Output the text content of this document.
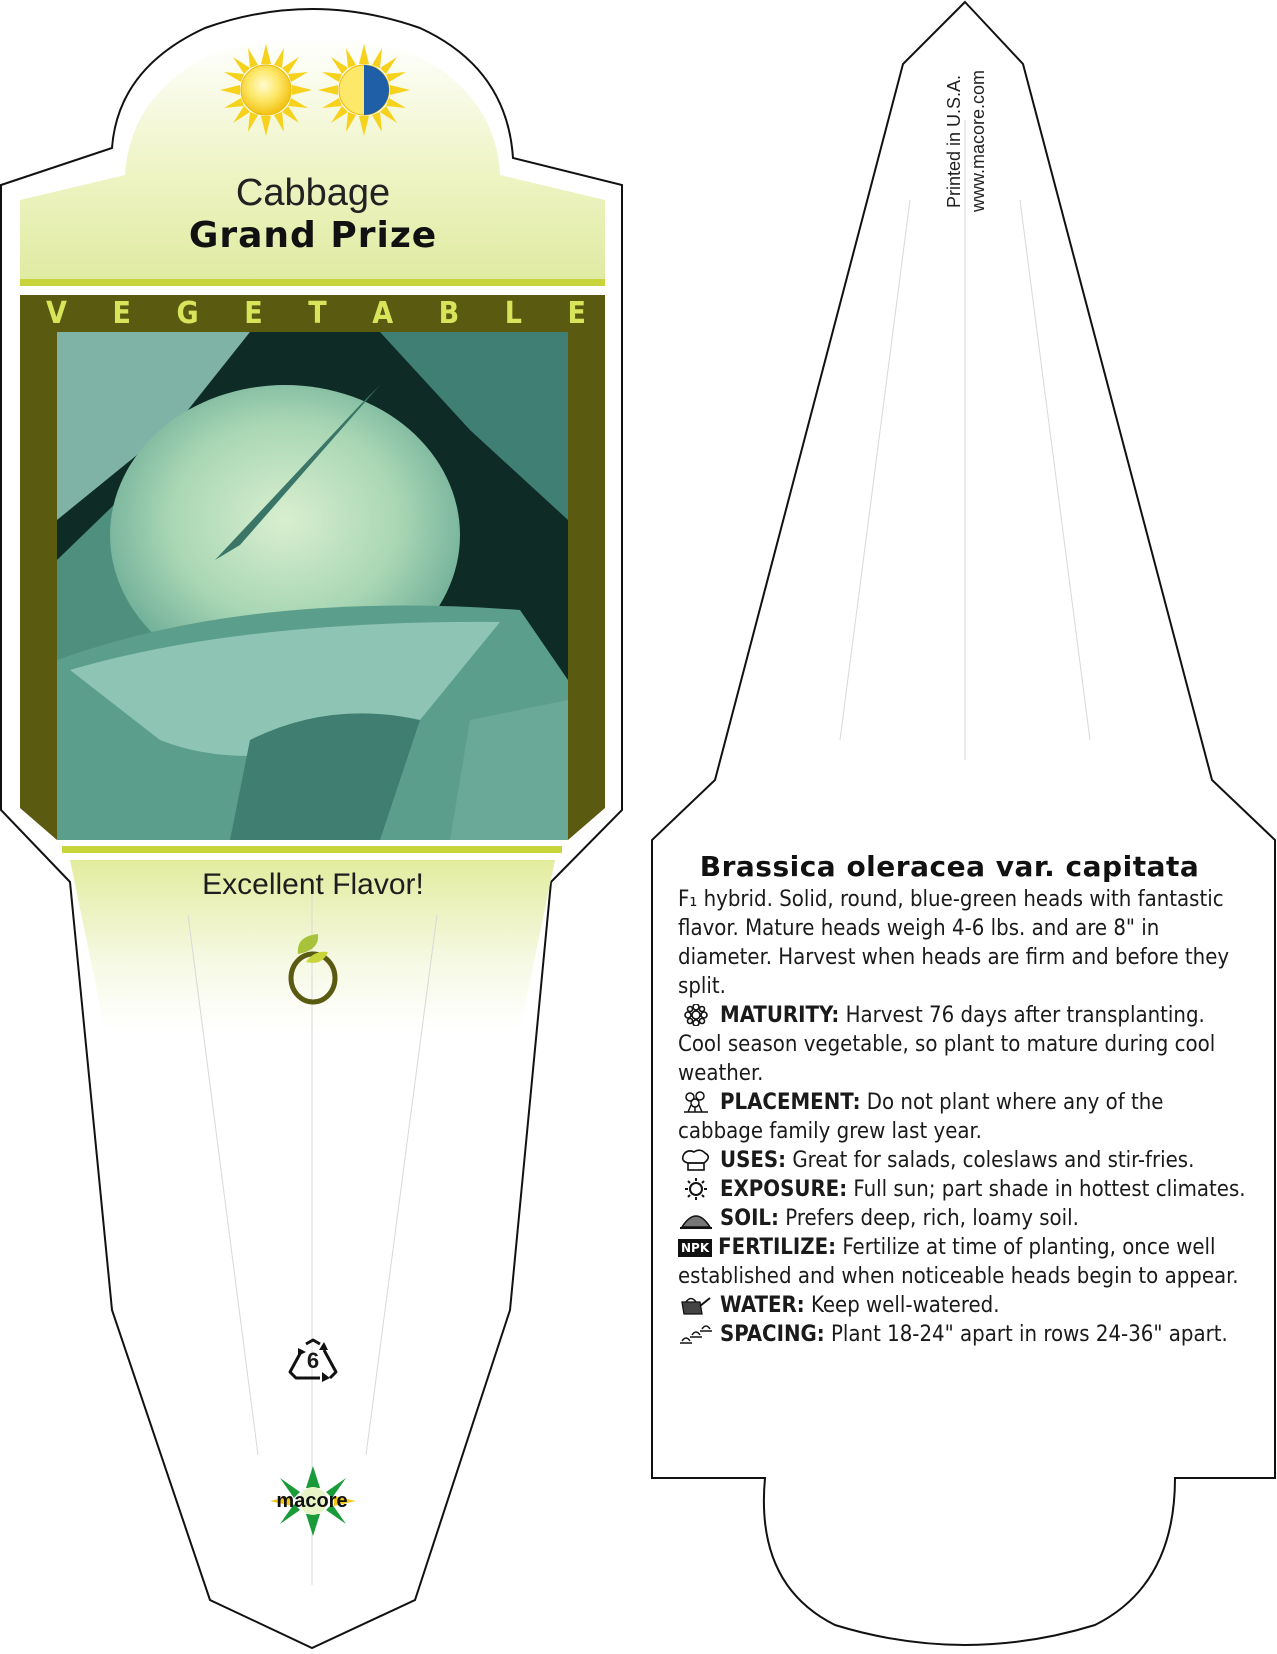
Cabbage
Grand Prize
V E G E T A B L E
Excellent Flavor!
6
macore
Printed in U.S.A. www.macore.com
Brassica oleracea var. capitata

F₁ hybrid. Solid, round, blue-green heads with fantastic flavor. Mature heads weigh 4-6 lbs. and are 8" in diameter. Harvest when heads are firm and before they split.

MATURITY: Harvest 76 days after transplanting. Cool season vegetable, so plant to mature during cool weather.

PLACEMENT: Do not plant where any of the cabbage family grew last year.

USES: Great for salads, coleslaws and stir-fries.

EXPOSURE: Full sun; part shade in hottest climates.

SOIL: Prefers deep, rich, loamy soil.

NPK FERTILIZE: Fertilize at time of planting, once well established and when noticeable heads begin to appear.

WATER: Keep well-watered.

SPACING: Plant 18-24" apart in rows 24-36" apart.
